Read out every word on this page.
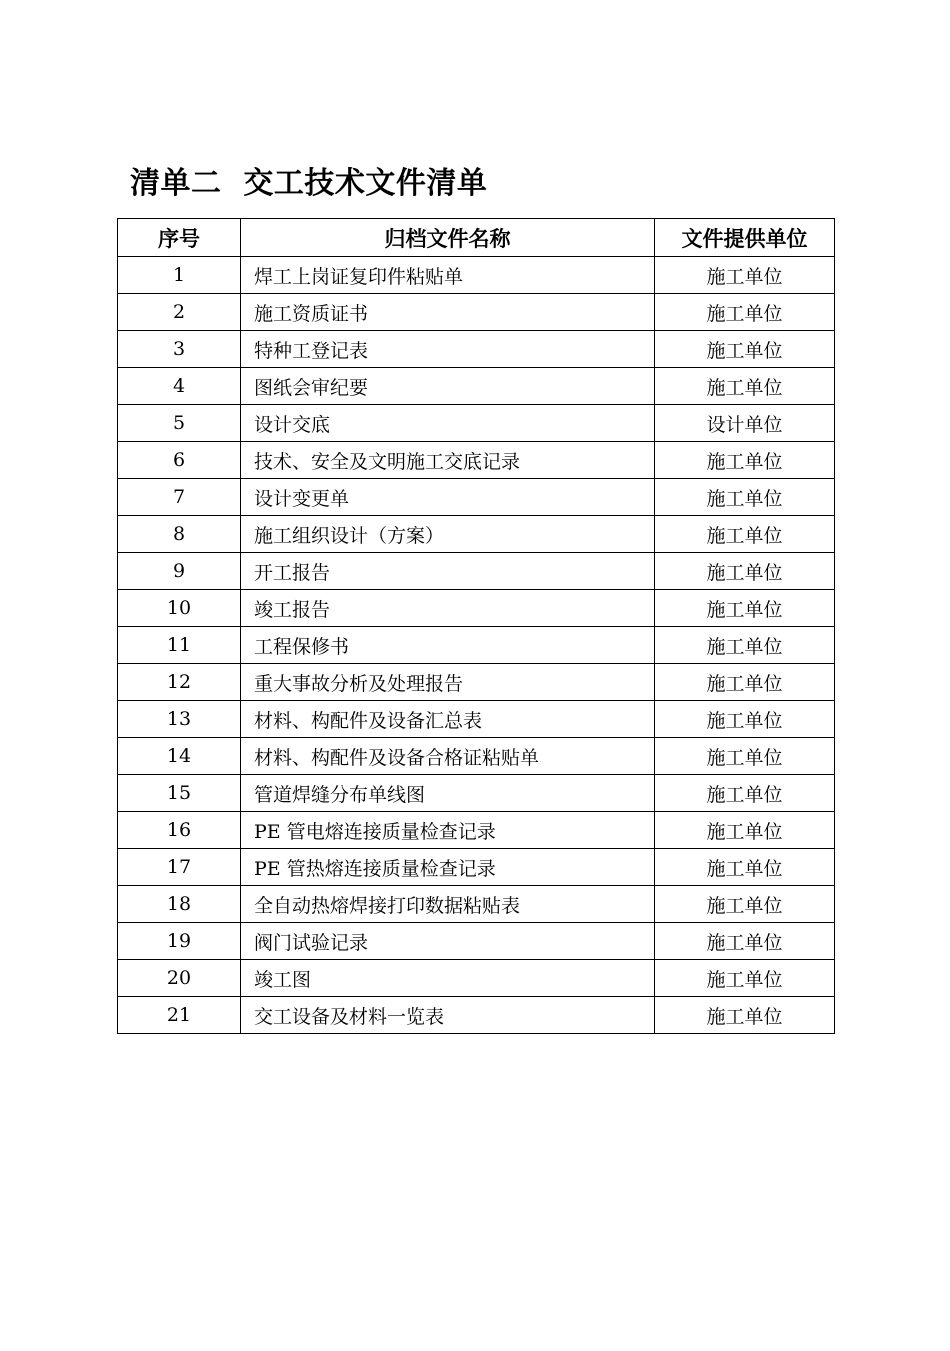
清单二  交工技术文件清单
序号	归档文件名称	文件提供单位
1	焊工上岗证复印件粘贴单	施工单位
2	施工资质证书	施工单位
3	特种工登记表	施工单位
4	图纸会审纪要	施工单位
5	设计交底	设计单位
6	技术、安全及文明施工交底记录	施工单位
7	设计变更单	施工单位
8	施工组织设计（方案）	施工单位
9	开工报告	施工单位
10	竣工报告	施工单位
11	工程保修书	施工单位
12	重大事故分析及处理报告	施工单位
13	材料、构配件及设备汇总表	施工单位
14	材料、构配件及设备合格证粘贴单	施工单位
15	管道焊缝分布单线图	施工单位
16	PE 管电熔连接质量检查记录	施工单位
17	PE 管热熔连接质量检查记录	施工单位
18	全自动热熔焊接打印数据粘贴表	施工单位
19	阀门试验记录	施工单位
20	竣工图	施工单位
21	交工设备及材料一览表	施工单位
